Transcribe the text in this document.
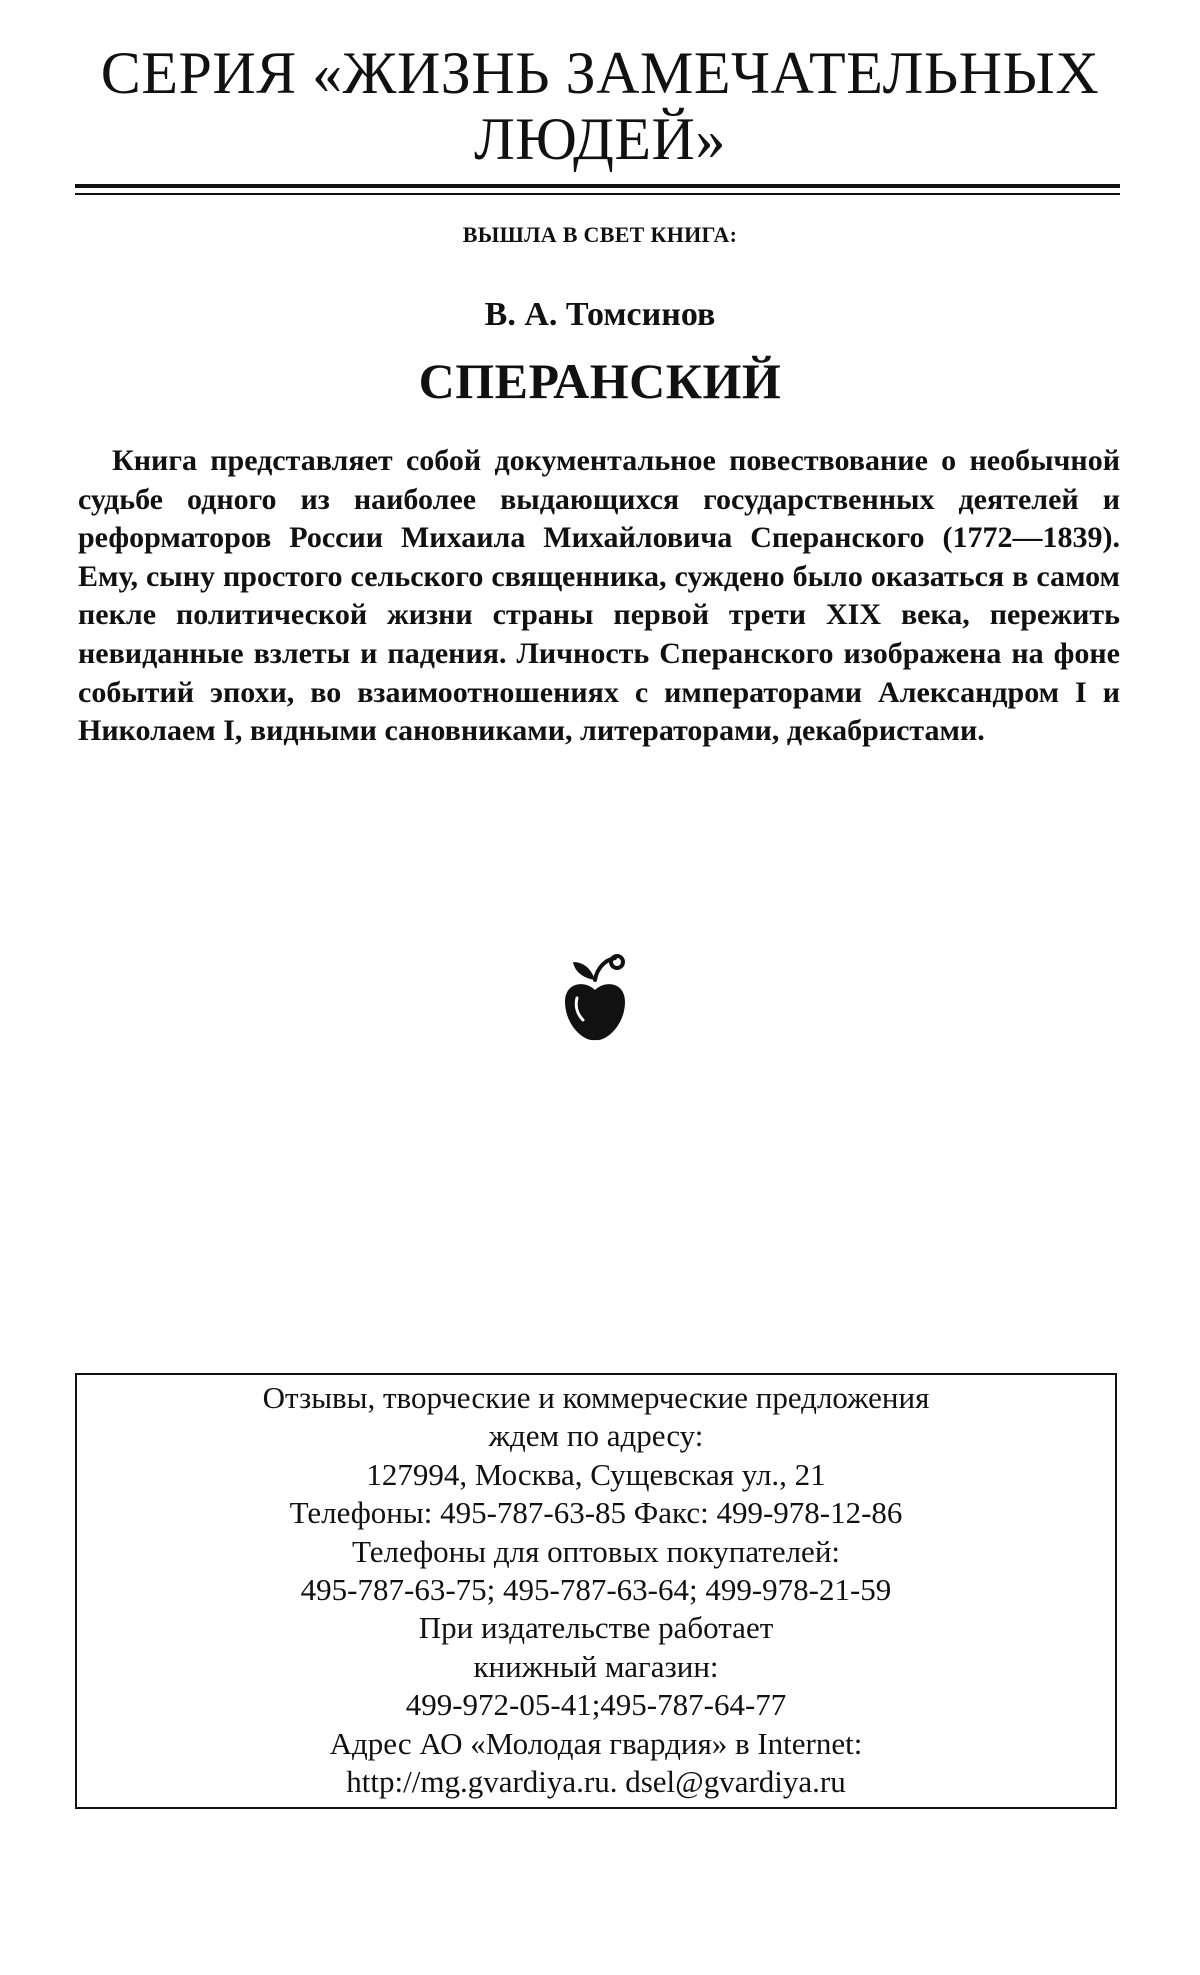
СЕРИЯ «ЖИЗНЬ ЗАМЕЧАТЕЛЬНЫХ
ЛЮДЕЙ»
ВЫШЛА В СВЕТ КНИГА:
В. А. Томсинов
СПЕРАНСКИЙ

Книга представляет собой документальное повествование о необычной судьбе одного из наиболее выдающихся государственных деятелей и реформаторов России Михаила Михайловича Сперанского (1772—1839). Ему, сыну простого сельского священника, суждено было оказаться в самом пекле политической жизни страны первой трети XIX века, пережить невиданные взлеты и падения. Личность Сперанского изображена на фоне событий эпохи, во взаимоотношениях с императорами Александром I и Николаем I, видными сановниками, литераторами, декабристами.

Отзывы, творческие и коммерческие предложения
ждем по адресу:
127994, Москва, Сущевская ул., 21
Телефоны: 495-787-63-85 Факс: 499-978-12-86
Телефоны для оптовых покупателей:
495-787-63-75; 495-787-63-64; 499-978-21-59
При издательстве работает
книжный магазин:
499-972-05-41;495-787-64-77
Адрес АО «Молодая гвардия» в Internet:
http://mg.gvardiya.ru. dsel@gvardiya.ru
